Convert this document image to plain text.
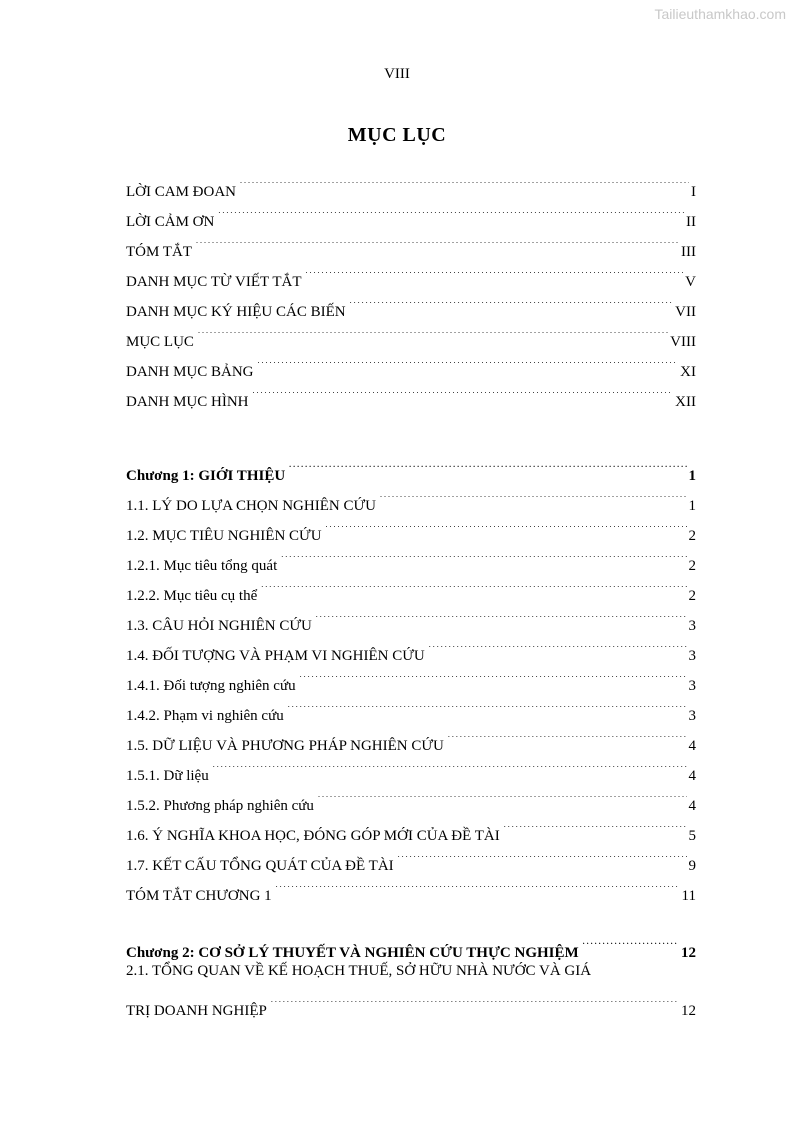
Tailieuthamkhao.com
VIII
MỤC LỤC
LỜI CAM ĐOAN . . .	I
LỜI CẢM ƠN . . .	II
TÓM TẮT . . .	III
DANH MỤC TỪ VIẾT TẮT . . .	V
DANH MỤC KÝ HIỆU CÁC BIẾN . . .	VII
MỤC LỤC . . .	VIII
DANH MỤC BẢNG . . .	XI
DANH MỤC HÌNH . . .	XII
Chương 1: GIỚI THIỆU . . .	1
1.1. LÝ DO LỰA CHỌN NGHIÊN CỨU . . .	1
1.2. MỤC TIÊU NGHIÊN CỨU . . .	2
1.2.1. Mục tiêu tổng quát . . .	2
1.2.2. Mục tiêu cụ thể . . .	2
1.3. CÂU HỎI NGHIÊN CỨU . . .	3
1.4. ĐỐI TƯỢNG VÀ PHẠM VI NGHIÊN CỨU . . .	3
1.4.1. Đối tượng nghiên cứu . . .	3
1.4.2. Phạm vi nghiên cứu . . .	3
1.5. DỮ LIỆU VÀ PHƯƠNG PHÁP NGHIÊN CỨU . . .	4
1.5.1. Dữ liệu . . .	4
1.5.2. Phương pháp nghiên cứu . . .	4
1.6. Ý NGHĨA KHOA HỌC, ĐÓNG GÓP MỚI CỦA ĐỀ TÀI . . .	5
1.7. KẾT CẤU TỔNG QUÁT CỦA ĐỀ TÀI . . .	9
TÓM TẮT CHƯƠNG 1 . . .	11
Chương 2: CƠ SỞ LÝ THUYẾT VÀ NGHIÊN CỨU THỰC NGHIỆM . . .	12
2.1. TỔNG QUAN VỀ KẾ HOẠCH THUẾ, SỞ HỮU NHÀ NƯỚC VÀ GIÁ
TRỊ DOANH NGHIỆP . . .	12
